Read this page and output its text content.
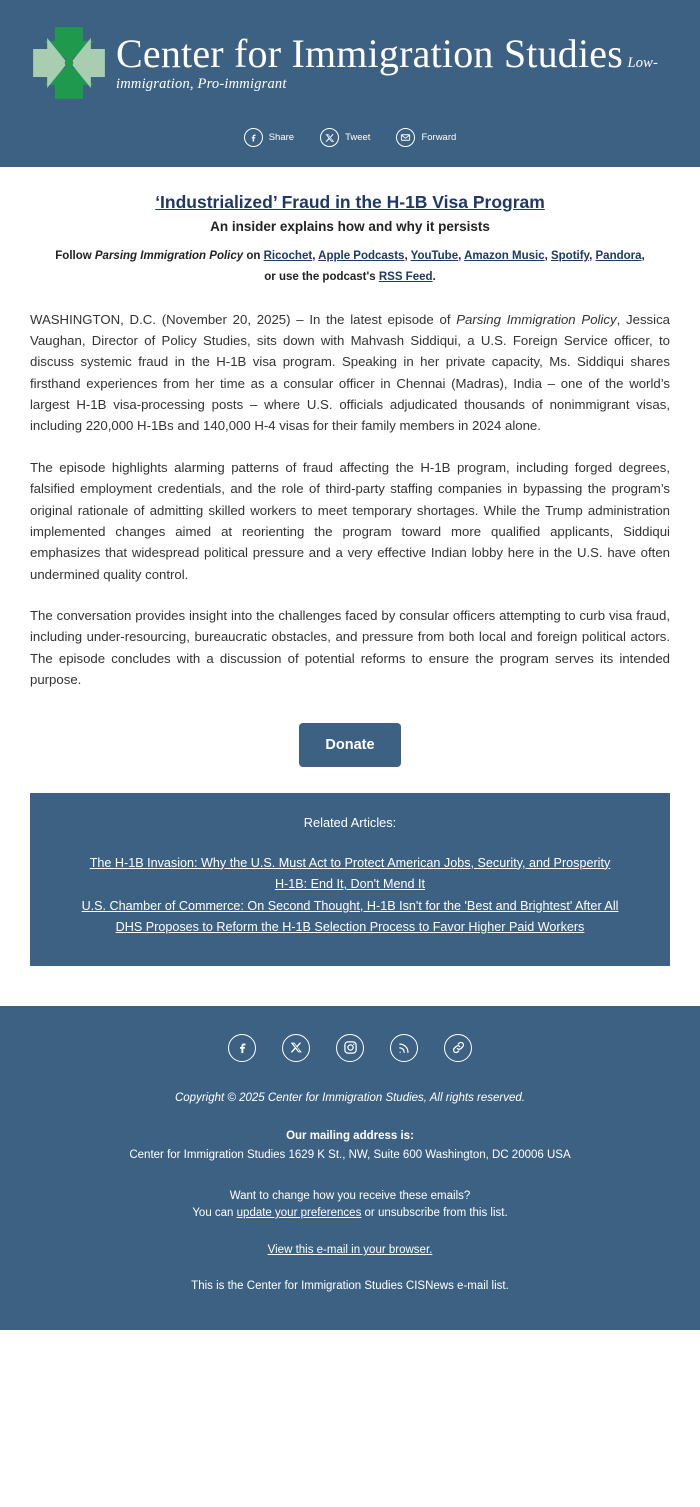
Center for Immigration Studies Low-immigration, Pro-immigrant
Share	Tweet	Forward
‘Industrialized’ Fraud in the H-1B Visa Program
An insider explains how and why it persists
Follow Parsing Immigration Policy on Ricochet, Apple Podcasts, YouTube, Amazon Music, Spotify, Pandora, or use the podcast's RSS Feed.

WASHINGTON, D.C. (November 20, 2025) – In the latest episode of Parsing Immigration Policy, Jessica Vaughan, Director of Policy Studies, sits down with Mahvash Siddiqui, a U.S. Foreign Service officer, to discuss systemic fraud in the H-1B visa program. Speaking in her private capacity, Ms. Siddiqui shares firsthand experiences from her time as a consular officer in Chennai (Madras), India – one of the world’s largest H-1B visa-processing posts – where U.S. officials adjudicated thousands of nonimmigrant visas, including 220,000 H-1Bs and 140,000 H-4 visas for their family members in 2024 alone.

The episode highlights alarming patterns of fraud affecting the H-1B program, including forged degrees, falsified employment credentials, and the role of third-party staffing companies in bypassing the program’s original rationale of admitting skilled workers to meet temporary shortages. While the Trump administration implemented changes aimed at reorienting the program toward more qualified applicants, Siddiqui emphasizes that widespread political pressure and a very effective Indian lobby here in the U.S. have often undermined quality control.

The conversation provides insight into the challenges faced by consular officers attempting to curb visa fraud, including under-resourcing, bureaucratic obstacles, and pressure from both local and foreign political actors. The episode concludes with a discussion of potential reforms to ensure the program serves its intended purpose.

Donate
Related Articles:
The H-1B Invasion: Why the U.S. Must Act to Protect American Jobs, Security, and Prosperity
H-1B: End It, Don't Mend It
U.S. Chamber of Commerce: On Second Thought, H-1B Isn't for the 'Best and Brightest' After All
DHS Proposes to Reform the H-1B Selection Process to Favor Higher Paid Workers
Copyright © 2025 Center for Immigration Studies, All rights reserved.
Our mailing address is:
Center for Immigration Studies 1629 K St., NW, Suite 600 Washington, DC 20006 USA
Want to change how you receive these emails?
You can update your preferences or unsubscribe from this list.
View this e-mail in your browser.
This is the Center for Immigration Studies CISNews e-mail list.
